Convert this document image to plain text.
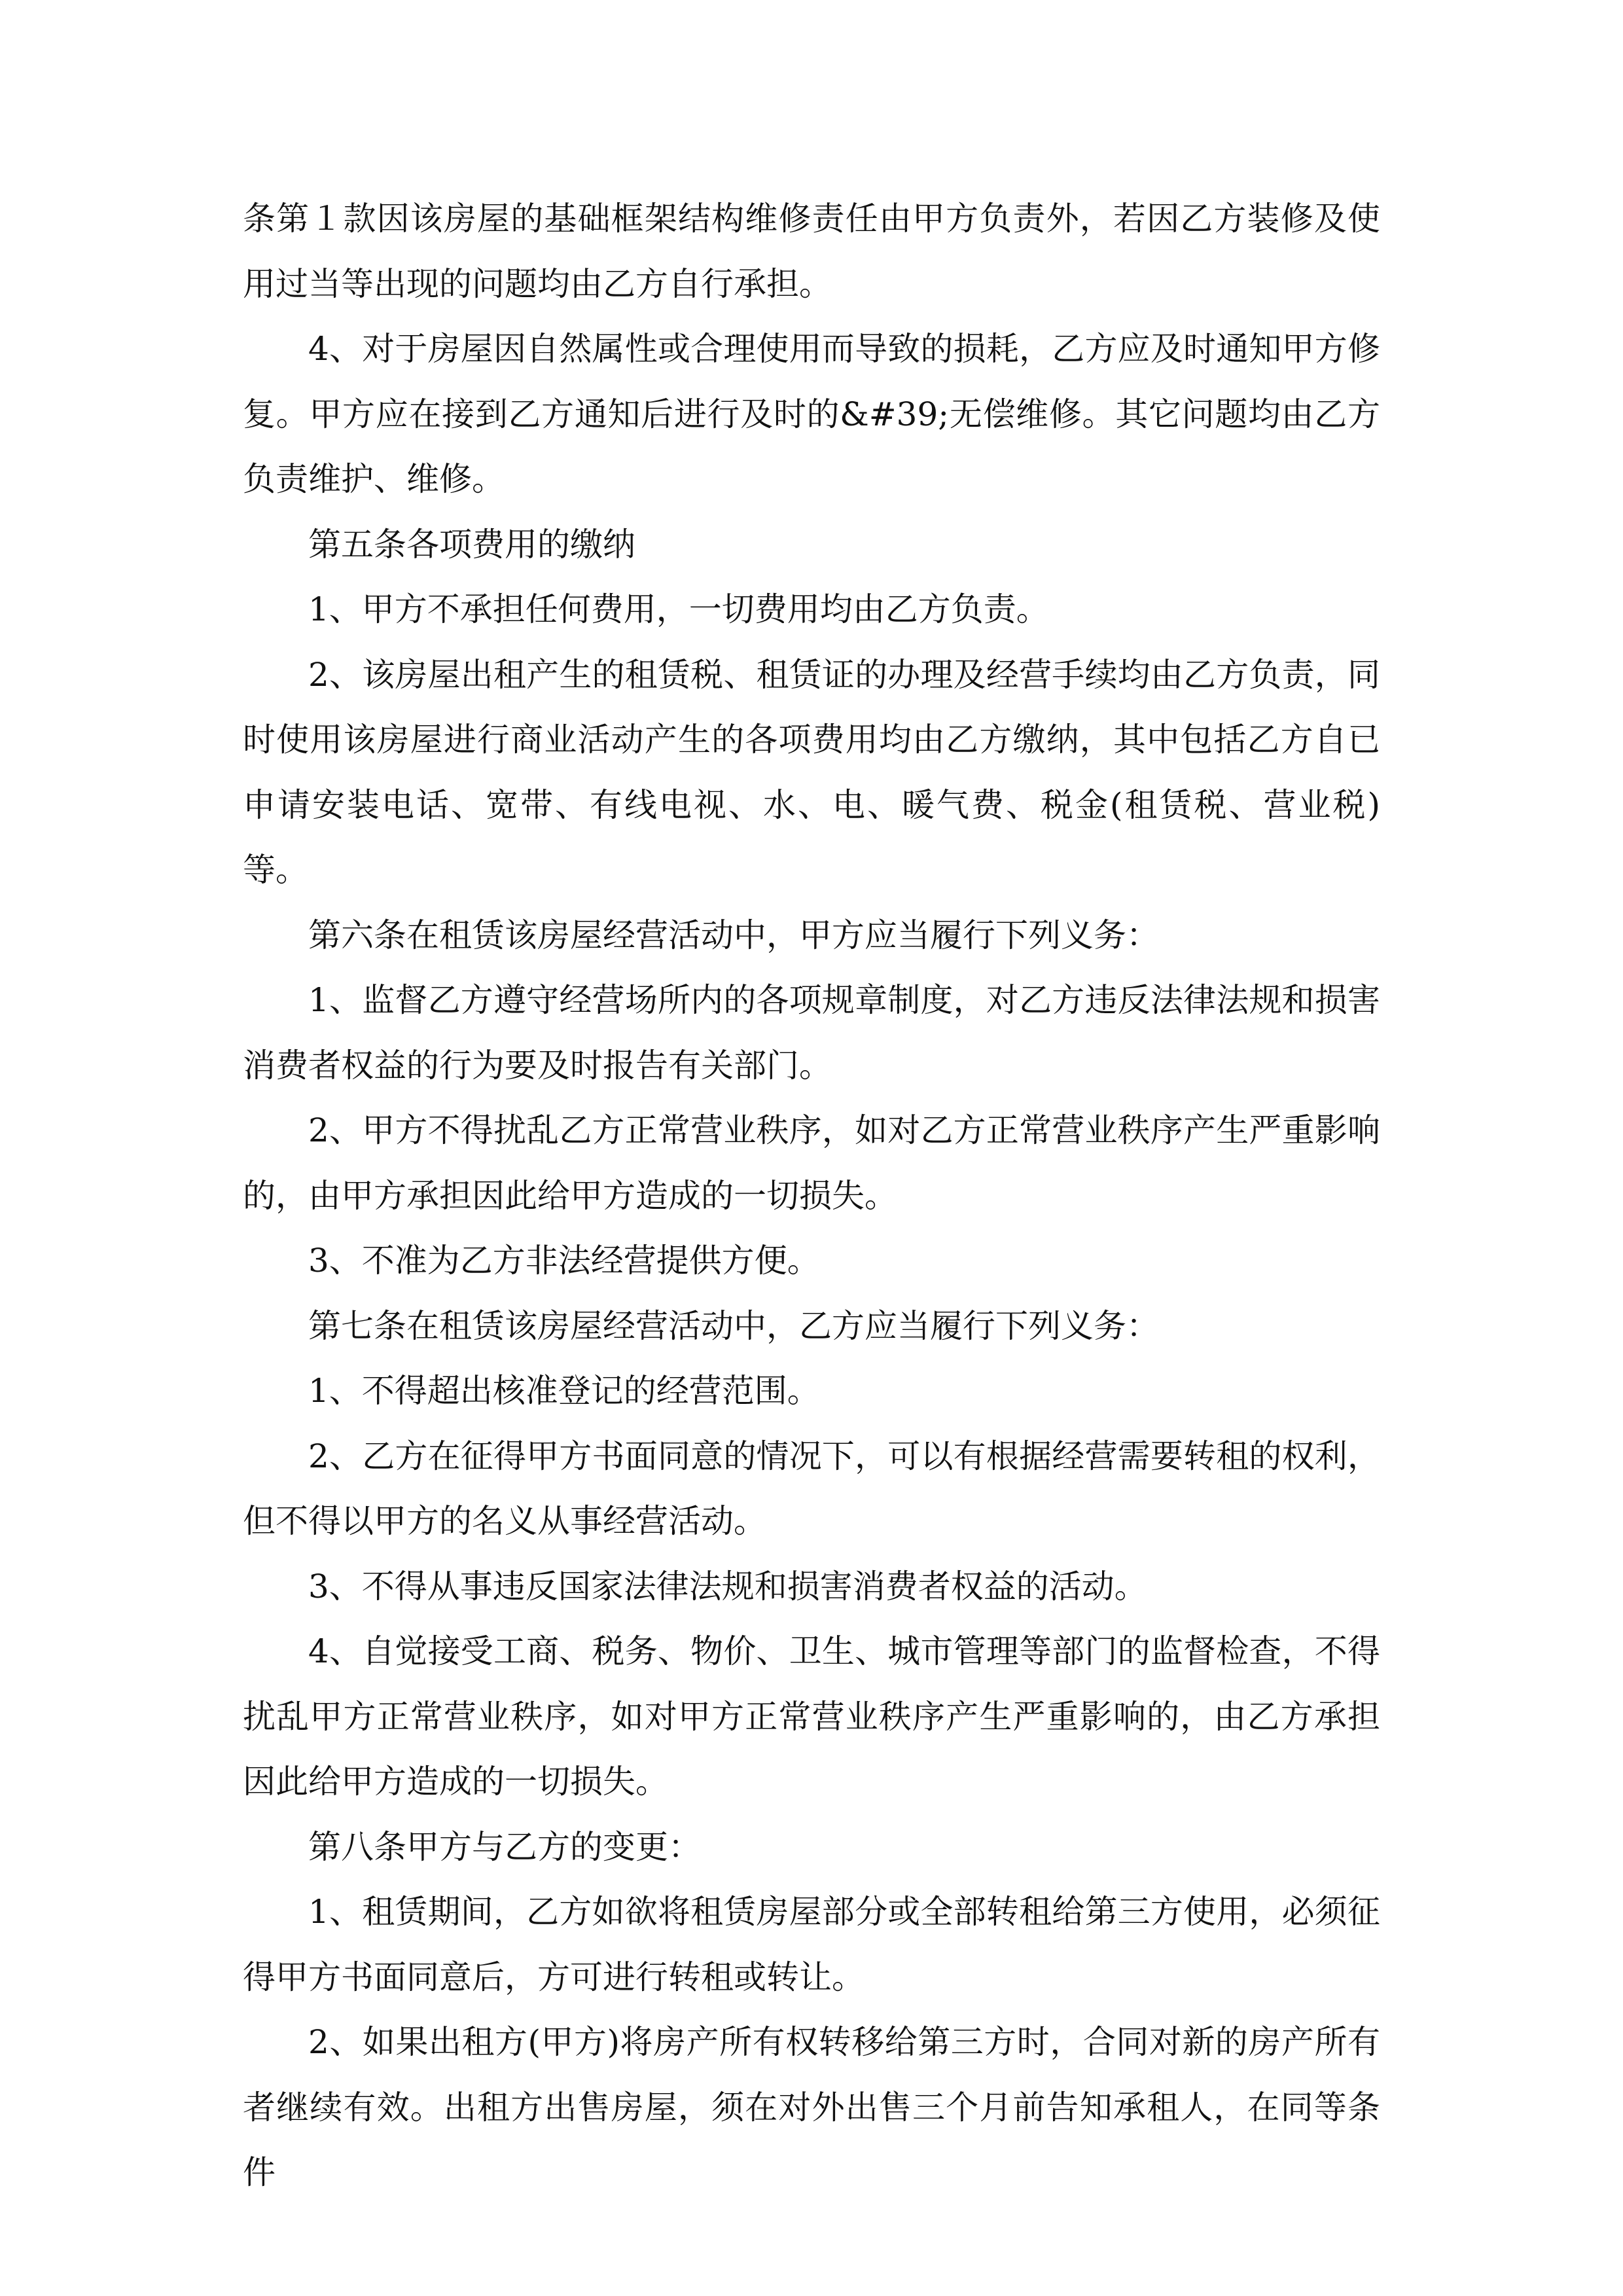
条第１款因该房屋的基础框架结构维修责任由甲方负责外，若因乙方装修及使用过当等出现的问题均由乙方自行承担。

4、对于房屋因自然属性或合理使用而导致的损耗，乙方应及时通知甲方修复。甲方应在接到乙方通知后进行及时的&#39;无偿维修。其它问题均由乙方负责维护、维修。

第五条各项费用的缴纳

1、甲方不承担任何费用，一切费用均由乙方负责。

2、该房屋出租产生的租赁税、租赁证的办理及经营手续均由乙方负责，同时使用该房屋进行商业活动产生的各项费用均由乙方缴纳，其中包括乙方自已申请安装电话、宽带、有线电视、水、电、暖气费、税金(租赁税、营业税)等。

第六条在租赁该房屋经营活动中，甲方应当履行下列义务：

1、监督乙方遵守经营场所内的各项规章制度，对乙方违反法律法规和损害消费者权益的行为要及时报告有关部门。

2、甲方不得扰乱乙方正常营业秩序，如对乙方正常营业秩序产生严重影响的，由甲方承担因此给甲方造成的一切损失。

3、不准为乙方非法经营提供方便。

第七条在租赁该房屋经营活动中，乙方应当履行下列义务：

1、不得超出核准登记的经营范围。

2、乙方在征得甲方书面同意的情况下，可以有根据经营需要转租的权利，但不得以甲方的名义从事经营活动。

3、不得从事违反国家法律法规和损害消费者权益的活动。

4、自觉接受工商、税务、物价、卫生、城市管理等部门的监督检查，不得扰乱甲方正常营业秩序，如对甲方正常营业秩序产生严重影响的，由乙方承担因此给甲方造成的一切损失。

第八条甲方与乙方的变更：

1、租赁期间，乙方如欲将租赁房屋部分或全部转租给第三方使用，必须征得甲方书面同意后，方可进行转租或转让。

2、如果出租方(甲方)将房产所有权转移给第三方时，合同对新的房产所有者继续有效。出租方出售房屋，须在对外出售三个月前告知承租人，在同等条件
